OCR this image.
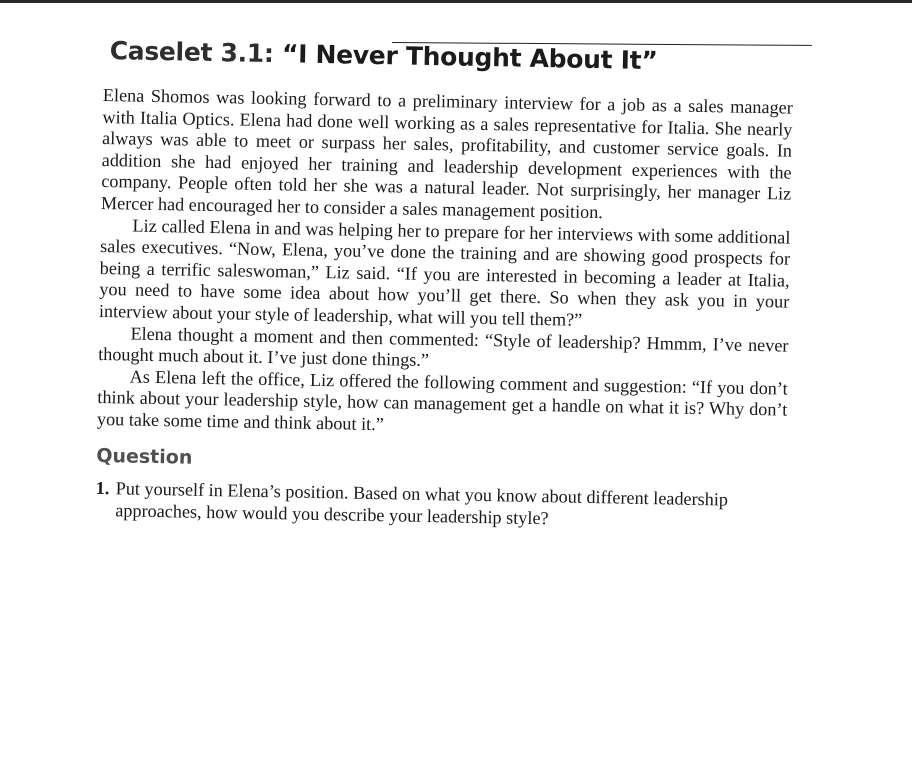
Caselet 3.1: “I Never Thought About It”

Elena Shomos was looking forward to a preliminary interview for a job as a sales manager with Italia Optics. Elena had done well working as a sales representative for Italia. She nearly always was able to meet or surpass her sales, profitability, and customer service goals. In addition she had enjoyed her training and leadership development experiences with the company. People often told her she was a natural leader. Not surprisingly, her manager Liz Mercer had encouraged her to consider a sales management position.

Liz called Elena in and was helping her to prepare for her interviews with some additional sales executives. “Now, Elena, you’ve done the training and are showing good prospects for being a terrific saleswoman,” Liz said. “If you are interested in becoming a leader at Italia, you need to have some idea about how you’ll get there. So when they ask you in your interview about your style of leadership, what will you tell them?”

Elena thought a moment and then commented: “Style of leadership? Hmmm, I’ve never thought much about it. I’ve just done things.”

As Elena left the office, Liz offered the following comment and suggestion: “If you don’t think about your leadership style, how can management get a handle on what it is? Why don’t you take some time and think about it.”

Question
1. Put yourself in Elena’s position. Based on what you know about different leadership approaches, how would you describe your leadership style?
